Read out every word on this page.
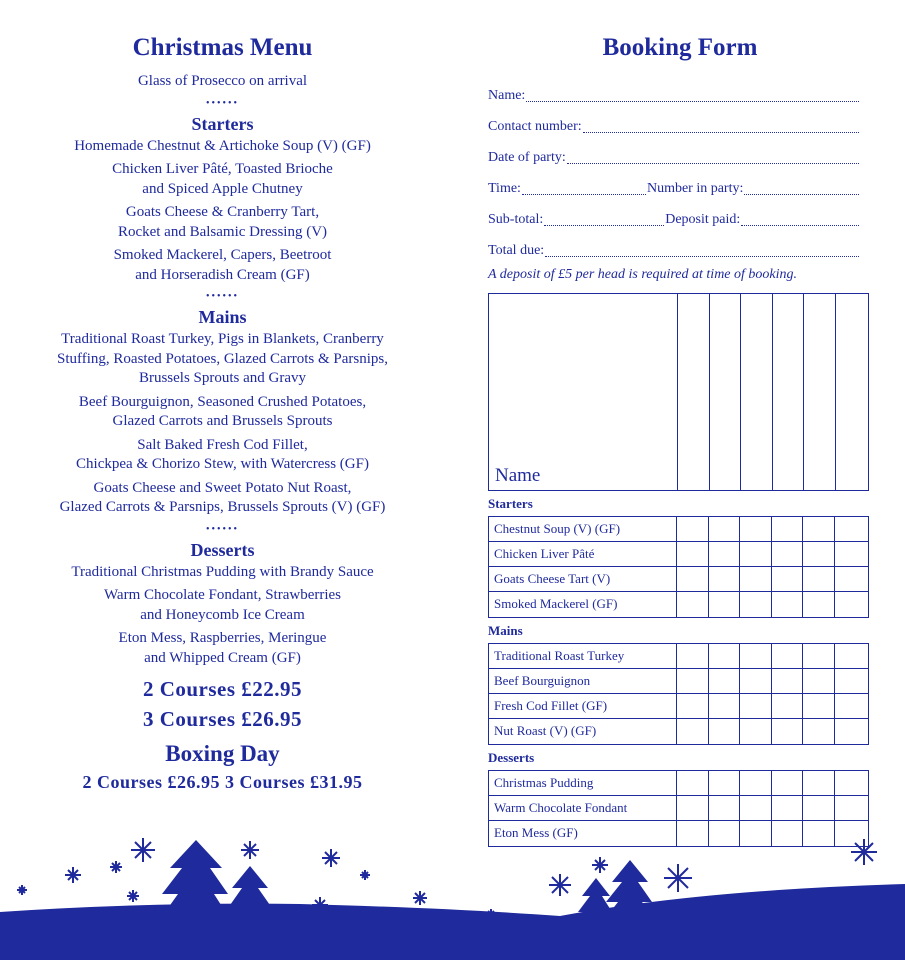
Christmas Menu
Glass of Prosecco on arrival
••••••
Starters
Homemade Chestnut & Artichoke Soup (V) (GF)
Chicken Liver Pâté, Toasted Brioche
and Spiced Apple Chutney
Goats Cheese & Cranberry Tart,
Rocket and Balsamic Dressing (V)
Smoked Mackerel, Capers, Beetroot
and Horseradish Cream (GF)
••••••
Mains
Traditional Roast Turkey, Pigs in Blankets, Cranberry
Stuffing, Roasted Potatoes, Glazed Carrots & Parsnips,
Brussels Sprouts and Gravy
Beef Bourguignon, Seasoned Crushed Potatoes,
Glazed Carrots and Brussels Sprouts
Salt Baked Fresh Cod Fillet,
Chickpea & Chorizo Stew, with Watercress (GF)
Goats Cheese and Sweet Potato Nut Roast,
Glazed Carrots & Parsnips, Brussels Sprouts (V) (GF)
••••••
Desserts
Traditional Christmas Pudding with Brandy Sauce
Warm Chocolate Fondant, Strawberries
and Honeycomb Ice Cream
Eton Mess, Raspberries, Meringue
and Whipped Cream (GF)
2 Courses £22.95
3 Courses £26.95
Boxing Day
2 Courses £26.95 3 Courses £31.95
Booking Form
Name:
Contact number:
Date of party:
Time:	Number in party:
Sub-total:	Deposit paid:
Total due:
A deposit of £5 per head is required at time of booking.
Name
Starters
Chestnut Soup (V) (GF)
Chicken Liver Pâté
Goats Cheese Tart (V)
Smoked Mackerel (GF)
Mains
Traditional Roast Turkey
Beef Bourguignon
Fresh Cod Fillet (GF)
Nut Roast (V) (GF)
Desserts
Christmas Pudding
Warm Chocolate Fondant
Eton Mess (GF)
